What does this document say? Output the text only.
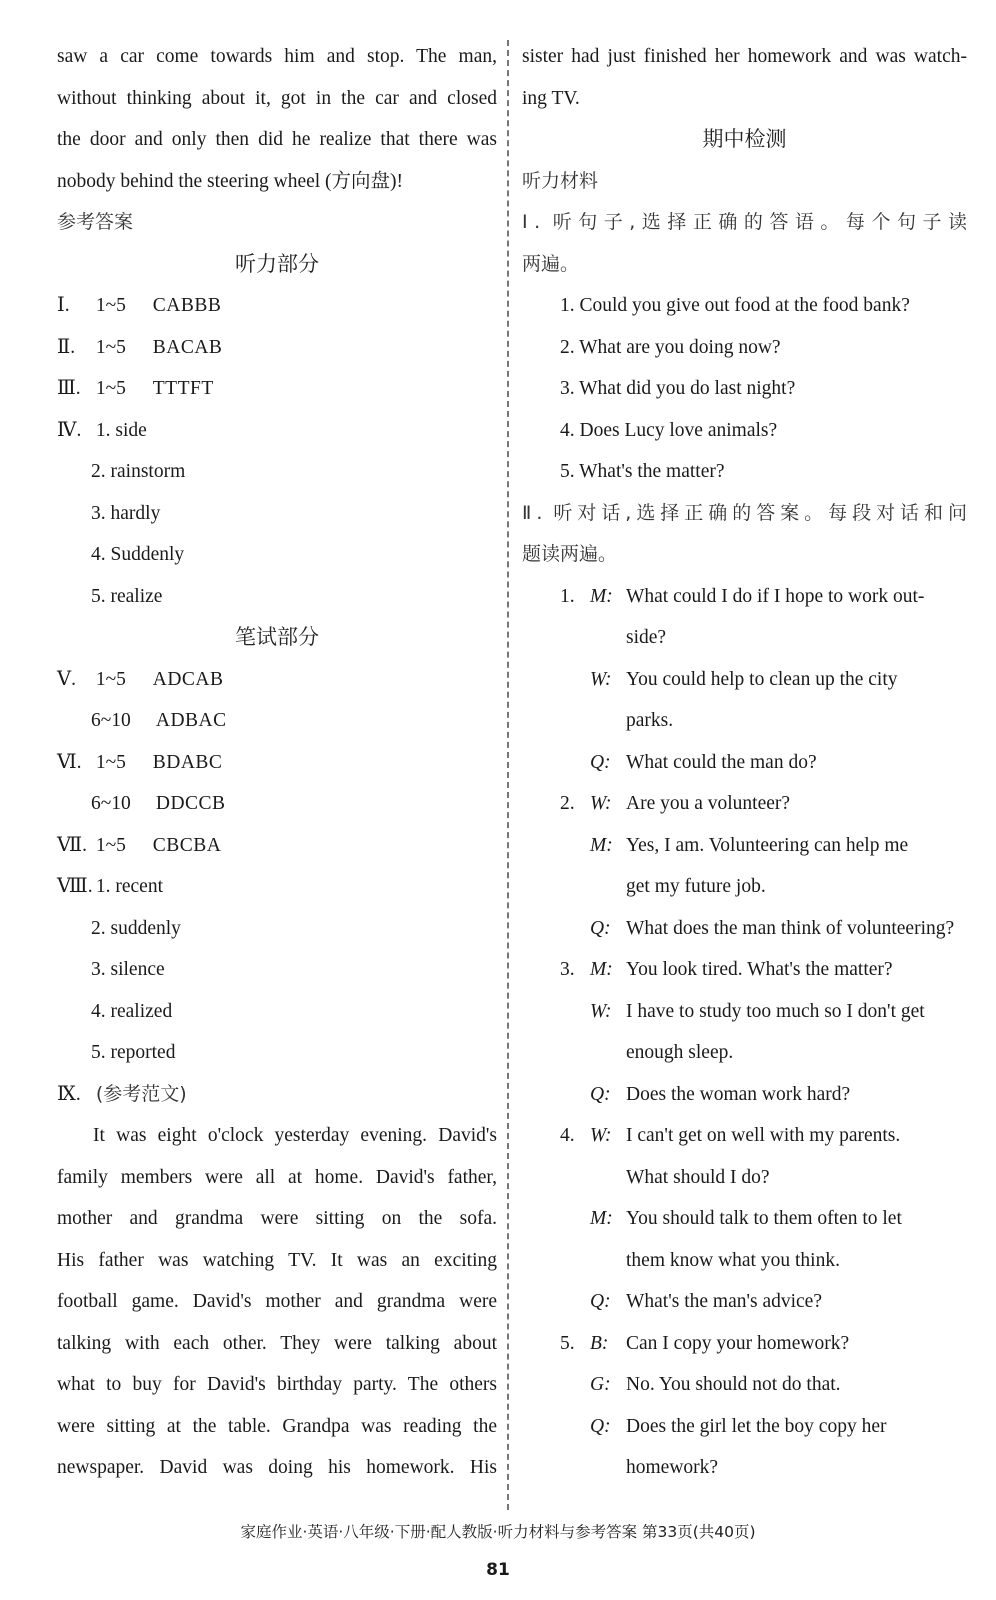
saw a car come towards him and stop. The man,
without thinking about it, got in the car and closed
the door and only then did he realize that there was
nobody behind the steering wheel (方向盘)!
参考答案
听力部分
Ⅰ. 1~5 CABBB
Ⅱ. 1~5 BACAB
Ⅲ. 1~5 TTTFT
Ⅳ. 1. side
2. rainstorm
3. hardly
4. Suddenly
5. realize
笔试部分
Ⅴ. 1~5 ADCAB
6~10 ADBAC
Ⅵ. 1~5 BDABC
6~10 DDCCB
Ⅶ. 1~5 CBCBA
Ⅷ. 1. recent
2. suddenly
3. silence
4. realized
5. reported
Ⅸ. (参考范文)
It was eight o'clock yesterday evening. David's
family members were all at home. David's father,
mother and grandma were sitting on the sofa.
His father was watching TV. It was an exciting
football game. David's mother and grandma were
talking with each other. They were talking about
what to buy for David's birthday party. The others
were sitting at the table. Grandpa was reading the
newspaper. David was doing his homework. His
sister had just finished her homework and was watch-
ing TV.
期中检测
听力材料
Ⅰ. 听句子,选择正确的答语。每个句子读
两遍。
1. Could you give out food at the food bank?
2. What are you doing now?
3. What did you do last night?
4. Does Lucy love animals?
5. What's the matter?
Ⅱ. 听对话,选择正确的答案。每段对话和问
题读两遍。
1. M: What could I do if I hope to work out-
side?
W: You could help to clean up the city
parks.
Q: What could the man do?
2. W: Are you a volunteer?
M: Yes, I am. Volunteering can help me
get my future job.
Q: What does the man think of volunteering?
3. M: You look tired. What's the matter?
W: I have to study too much so I don't get
enough sleep.
Q: Does the woman work hard?
4. W: I can't get on well with my parents.
What should I do?
M: You should talk to them often to let
them know what you think.
Q: What's the man's advice?
5. B: Can I copy your homework?
G: No. You should not do that.
Q: Does the girl let the boy copy her
homework?
家庭作业·英语·八年级·下册·配人教版·听力材料与参考答案 第33页(共40页)
81
